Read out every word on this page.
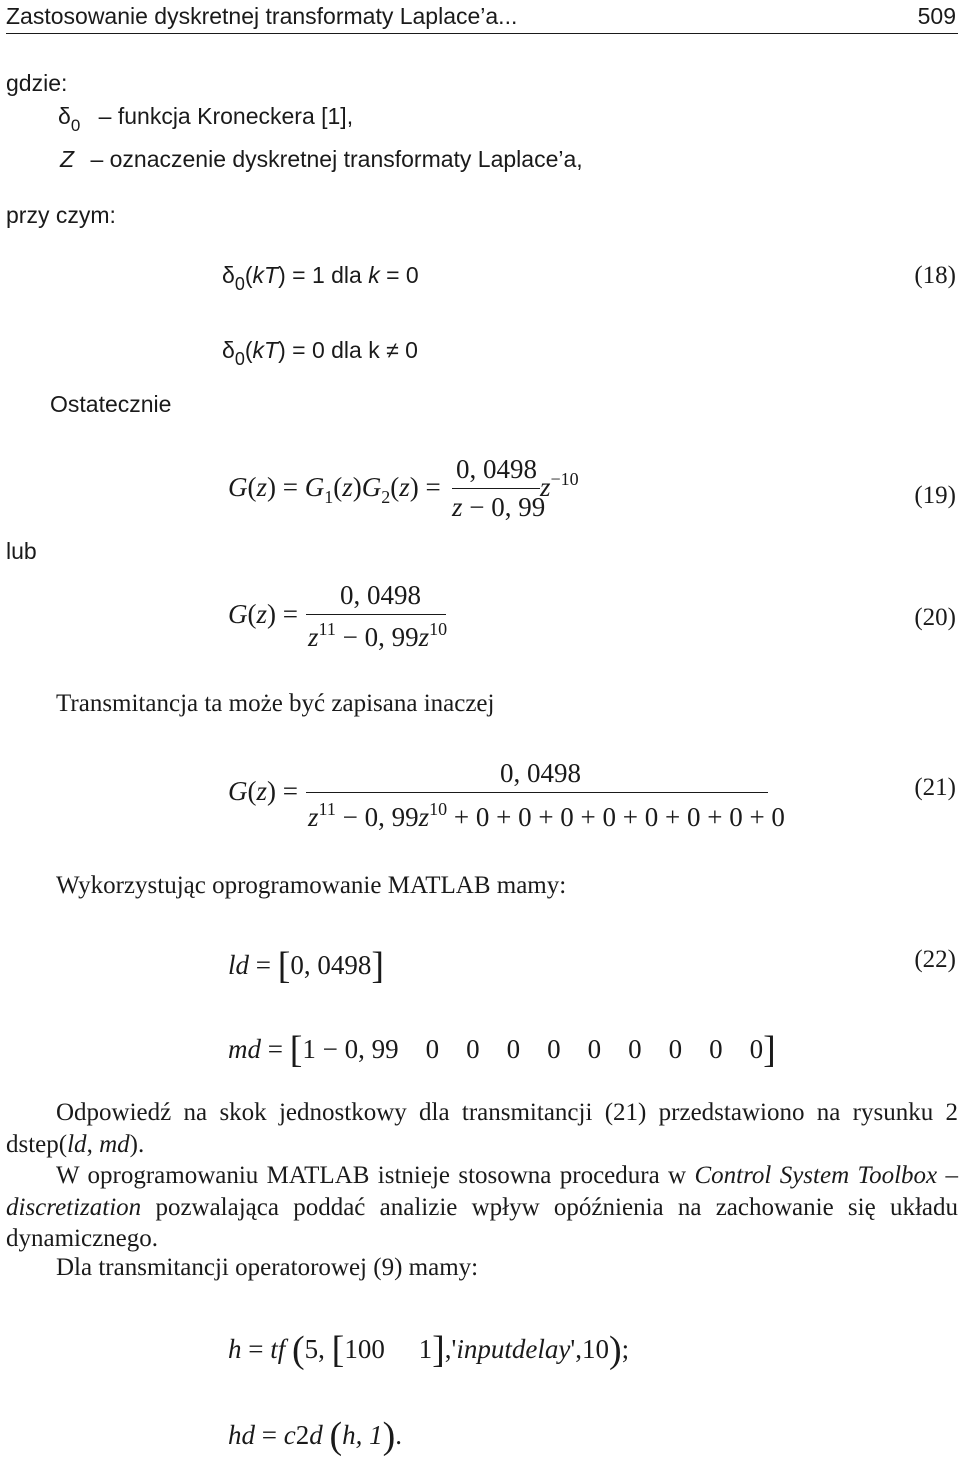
Zastosowanie dyskretnej transformaty Laplace’a...	509
gdzie:
$\delta_0$ – funkcja Kroneckera [1],
Z – oznaczenie dyskretnej transformaty Laplace’a,
przy czym:
$\delta_0(kT) = 1$ dla k = 0	(18)
$\delta_0(kT) = 0$ dla k ≠ 0
Ostatecznie
$G(z) = G_1(z)G_2(z)$ =
0, 0498
z − 0, 99
$z^{-10}$
(19)
lub
G(z) =
0, 0498
$z^{11} - 0$, $99z^{10}$	(20)
Transmitancja ta może być zapisana inaczej
G(z) =
0, 0498
$z^{11} - 0$, $99z^{10} + 0 + 0 + 0 + 0 + 0 + 0 + 0 + 0$
(21)
Wykorzystując oprogramowanie MATLAB mamy:
ld = [0, 0498]	(22)
md = [1 − 0, 99    0    0    0    0    0    0    0    0    0]
Odpowiedź na skok jednostkowy dla transmitancji (21) przedstawiono na rysunku 2 dstep(ld, md).
W oprogramowaniu MATLAB istnieje stosowna procedura w Control System Toolbox – discretization pozwalająca poddać analizie wpływ opóźnienia na zachowanie się układu dynamicznego.
Dla transmitancji operatorowej (9) mamy:
h = tf (5, [100     1],'inputdelay',10);
hd = c2d (h, 1).
